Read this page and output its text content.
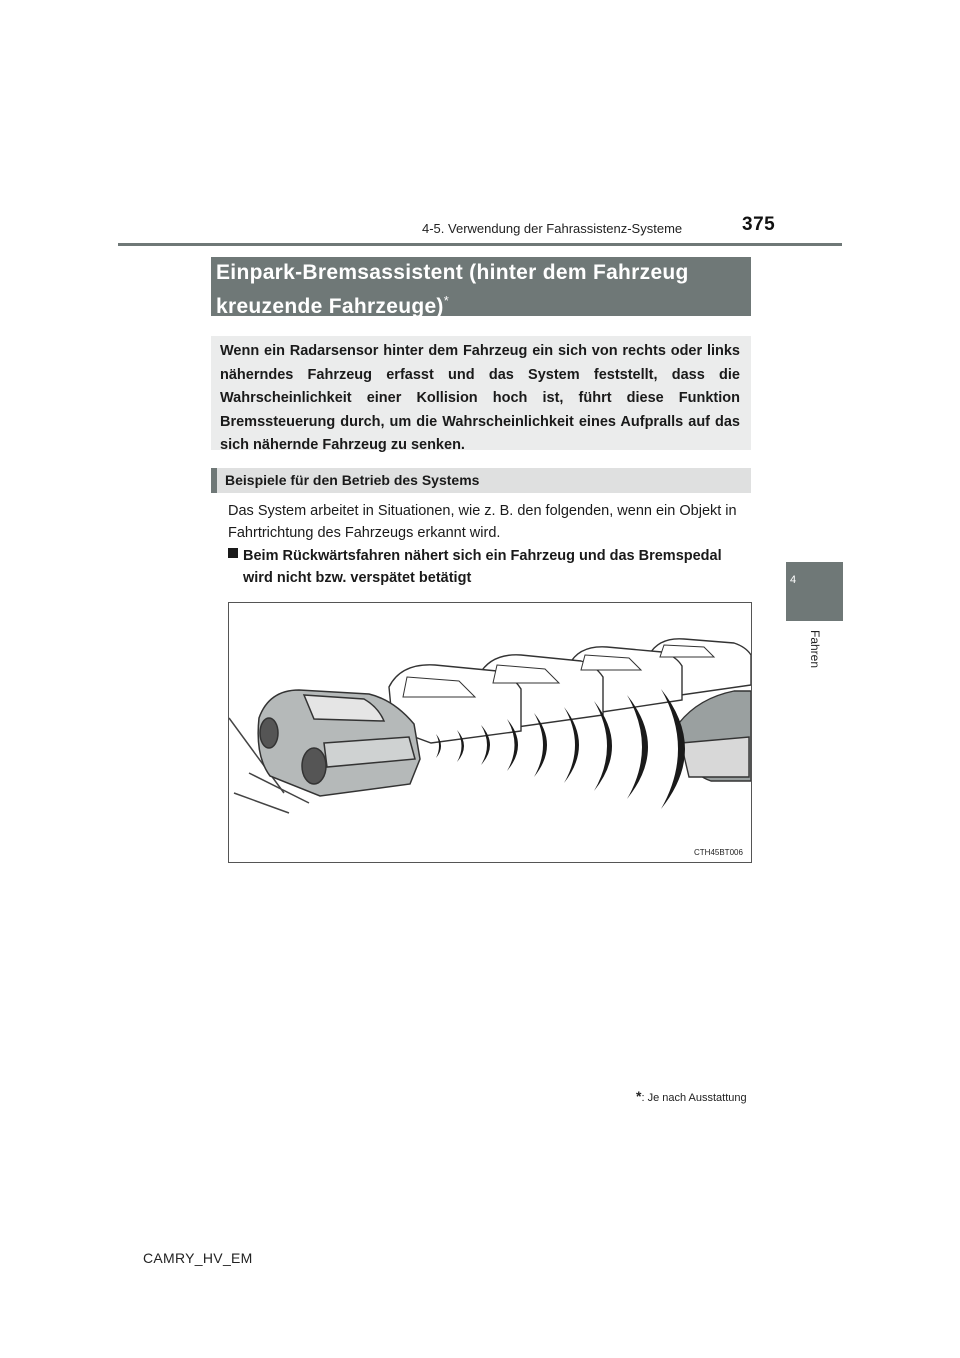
4-5. Verwendung der Fahrassistenz-Systeme	375
4
Fahren
Einpark-Bremsassistent (hinter dem Fahrzeug kreuzende Fahrzeuge)*
Wenn ein Radarsensor hinter dem Fahrzeug ein sich von rechts oder links näherndes Fahrzeug erfasst und das System feststellt, dass die Wahrscheinlichkeit einer Kollision hoch ist, führt diese Funktion Bremssteuerung durch, um die Wahrscheinlichkeit eines Aufpralls auf das sich nähernde Fahrzeug zu senken.
Beispiele für den Betrieb des Systems
Das System arbeitet in Situationen, wie z. B. den folgenden, wenn ein Objekt in Fahrtrichtung des Fahrzeugs erkannt wird.
Beim Rückwärtsfahren nähert sich ein Fahrzeug und das Bremspedal wird nicht bzw. verspätet betätigt
CTH45BT006
*: Je nach Ausstattung
CAMRY_HV_EM
